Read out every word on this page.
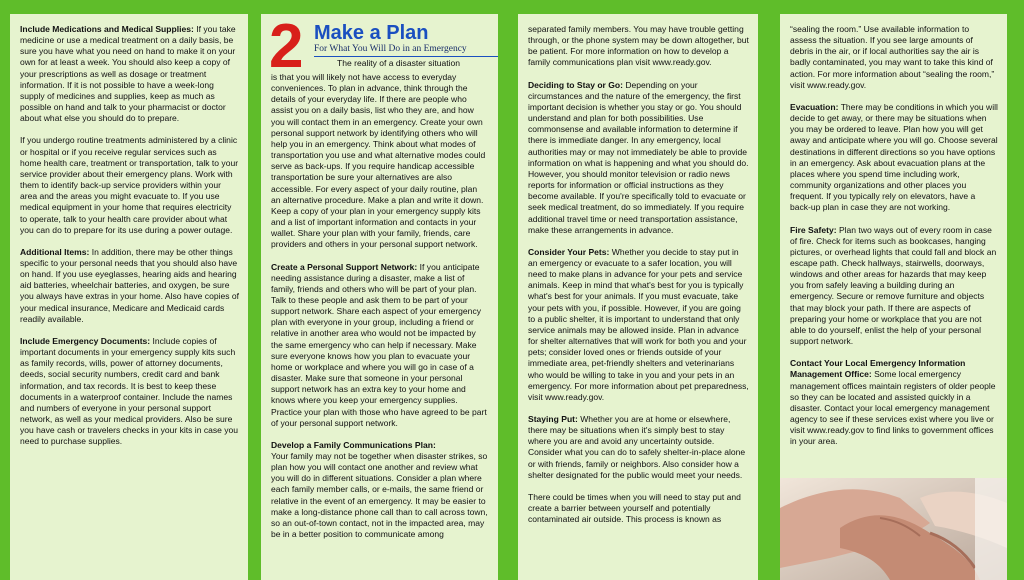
Include Medications and Medical Supplies: If you take medicine or use a medical treatment on a daily basis, be sure you have what you need on hand to make it on your own for at least a week. You should also keep a copy of your prescriptions as well as dosage or treatment information. If it is not possible to have a week-long supply of medicines and supplies, keep as much as possible on hand and talk to your pharmacist or doctor about what else you should do to prepare.

If you undergo routine treatments administered by a clinic or hospital or if you receive regular services such as home health care, treatment or transportation, talk to your service provider about their emergency plans. Work with them to identify back-up service providers within your area and the areas you might evacuate to. If you use medical equipment in your home that requires electricity to operate, talk to your health care provider about what you can do to prepare for its use during a power outage.

Additional Items: In addition, there may be other things specific to your personal needs that you should also have on hand. If you use eyeglasses, hearing aids and hearing aid batteries, wheelchair batteries, and oxygen, be sure you always have extras in your home. Also have copies of your medical insurance, Medicare and Medicaid cards readily available.

Include Emergency Documents: Include copies of important documents in your emergency supply kits such as family records, wills, power of attorney documents, deeds, social security numbers, credit card and bank information, and tax records. It is best to keep these documents in a waterproof container. Include the names and numbers of everyone in your personal support network, as well as your medical providers. Also be sure you have cash or travelers checks in your kits in case you need to purchase supplies.

2 Make a Plan
For What You Will Do in an Emergency
The reality of a disaster situation

is that you will likely not have access to everyday conveniences. To plan in advance, think through the details of your everyday life. If there are people who assist you on a daily basis, list who they are, and how you will contact them in an emergency. Create your own personal support network by identifying others who will help you in an emergency. Think about what modes of transportation you use and what alternative modes could serve as back-ups. If you require handicap accessible transportation be sure your alternatives are also accessible. For every aspect of your daily routine, plan an alternative procedure. Make a plan and write it down. Keep a copy of your plan in your emergency supply kits and a list of important information and contacts in your wallet. Share your plan with your family, friends, care providers and others in your personal support network.

Create a Personal Support Network: If you anticipate needing assistance during a disaster, make a list of family, friends and others who will be part of your plan. Talk to these people and ask them to be part of your support network. Share each aspect of your emergency plan with everyone in your group, including a friend or relative in another area who would not be impacted by the same emergency who can help if necessary. Make sure everyone knows how you plan to evacuate your home or workplace and where you will go in case of a disaster. Make sure that someone in your personal support network has an extra key to your home and knows where you keep your emergency supplies. Practice your plan with those who have agreed to be part of your personal support network.

Develop a Family Communications Plan:
Your family may not be together when disaster strikes, so plan how you will contact one another and review what you will do in different situations. Consider a plan where each family member calls, or e-mails, the same friend or relative in the event of an emergency. It may be easier to make a long-distance phone call than to call across town, so an out-of-town contact, not in the impacted area, may be in a better position to communicate among

separated family members. You may have trouble getting through, or the phone system may be down altogether, but be patient. For more information on how to develop a family communications plan visit www.ready.gov.

Deciding to Stay or Go: Depending on your circumstances and the nature of the emergency, the first important decision is whether you stay or go. You should understand and plan for both possibilities. Use commonsense and available information to determine if there is immediate danger. In any emergency, local authorities may or may not immediately be able to provide information on what is happening and what you should do. However, you should monitor television or radio news reports for information or official instructions as they become available. If you're specifically told to evacuate or seek medical treatment, do so immediately. If you require additional travel time or need transportation assistance, make these arrangements in advance.

Consider Your Pets: Whether you decide to stay put in an emergency or evacuate to a safer location, you will need to make plans in advance for your pets and service animals. Keep in mind that what's best for you is typically what's best for your animals. If you must evacuate, take your pets with you, if possible. However, if you are going to a public shelter, it is important to understand that only service animals may be allowed inside. Plan in advance for shelter alternatives that will work for both you and your pets; consider loved ones or friends outside of your immediate area, pet-friendly shelters and veterinarians who would be willing to take in you and your pets in an emergency. For more information about pet preparedness, visit www.ready.gov.

Staying Put: Whether you are at home or elsewhere, there may be situations when it's simply best to stay where you are and avoid any uncertainty outside. Consider what you can do to safely shelter-in-place alone or with friends, family or neighbors. Also consider how a shelter designated for the public would meet your needs.

There could be times when you will need to stay put and create a barrier between yourself and potentially contaminated air outside. This process is known as

“sealing the room.” Use available information to assess the situation. If you see large amounts of debris in the air, or if local authorities say the air is badly contaminated, you may want to take this kind of action. For more information about “sealing the room,” visit www.ready.gov.

Evacuation: There may be conditions in which you will decide to get away, or there may be situations when you may be ordered to leave. Plan how you will get away and anticipate where you will go. Choose several destinations in different directions so you have options in an emergency. Ask about evacuation plans at the places where you spend time including work, community organizations and other places you frequent. If you typically rely on elevators, have a back-up plan in case they are not working.

Fire Safety: Plan two ways out of every room in case of fire. Check for items such as bookcases, hanging pictures, or overhead lights that could fall and block an escape path. Check hallways, stairwells, doorways, windows and other areas for hazards that may keep you from safely leaving a building during an emergency. Secure or remove furniture and objects that may block your path. If there are aspects of preparing your home or workplace that you are not able to do yourself, enlist the help of your personal support network.

Contact Your Local Emergency Information Management Office: Some local emergency management offices maintain registers of older people so they can be located and assisted quickly in a disaster. Contact your local emergency management agency to see if these services exist where you live or visit www.ready.gov to find links to government offices in your area.
